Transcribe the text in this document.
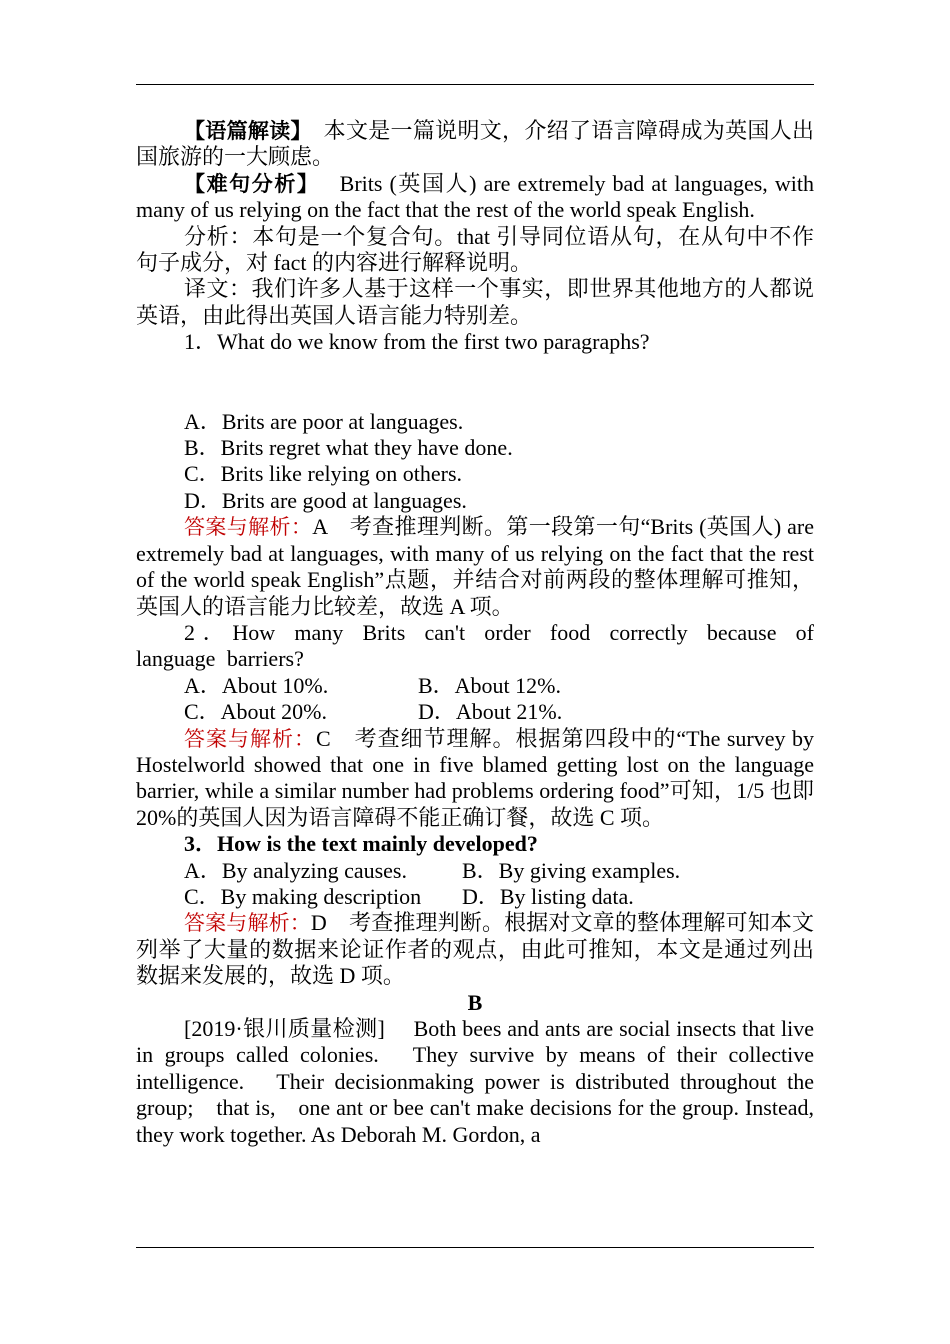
【语篇解读】　 本文是一篇说明文，介绍了语言障碍成为英国人出国旅游的一大顾虑。

【难句分析】　 Brits (英国人) are extremely bad at languages, with many of us relying on the fact that the rest of the world speak English.

分析：本句是一个复合句。that 引导同位语从句，在从句中不作句子成分，对 fact 的内容进行解释说明。

译文：我们许多人基于这样一个事实，即世界其他地方的人都说英语，由此得出英国人语言能力特别差。

1．What do we know from the first two paragraphs?

A．Brits are poor at languages.

B．Brits regret what they have done.

C．Brits like relying on others.

D．Brits are good at languages.

答案与解析：A　考查推理判断。第一段第一句“Brits (英国人) are extremely bad at languages, with many of us relying on the fact that the rest of the world speak English”点题，并结合对前两段的整体理解可推知，英国人的语言能力比较差，故选 A 项。

2．How many Brits can't order food correctly because of language barriers?

A．About 10%.	B．About 12%.

C．About 20%.	D．About 21%.

答案与解析：C　考查细节理解。根据第四段中的“The survey by Hostelworld showed that one in five blamed getting lost on the language barrier, while a similar number had problems ordering food”可知，1/5 也即 20%的英国人因为语言障碍不能正确订餐，故选 C 项。

3．How is the text mainly developed?

A．By analyzing causes.	B．By giving examples.

C．By making description D．By listing data.

答案与解析：D　考查推理判断。根据对文章的整体理解可知本文列举了大量的数据来论证作者的观点，由此可推知，本文是通过列出数据来发展的，故选 D 项。

B

[2019·银川质量检测]　 Both bees and ants are social insects that live in groups called colonies.　They survive by means of their collective intelligence.　Their decisionmaking power is distributed throughout the group;　that is,　one ant or bee can't make decisions for the group. Instead, they work together. As Deborah M. Gordon, a
